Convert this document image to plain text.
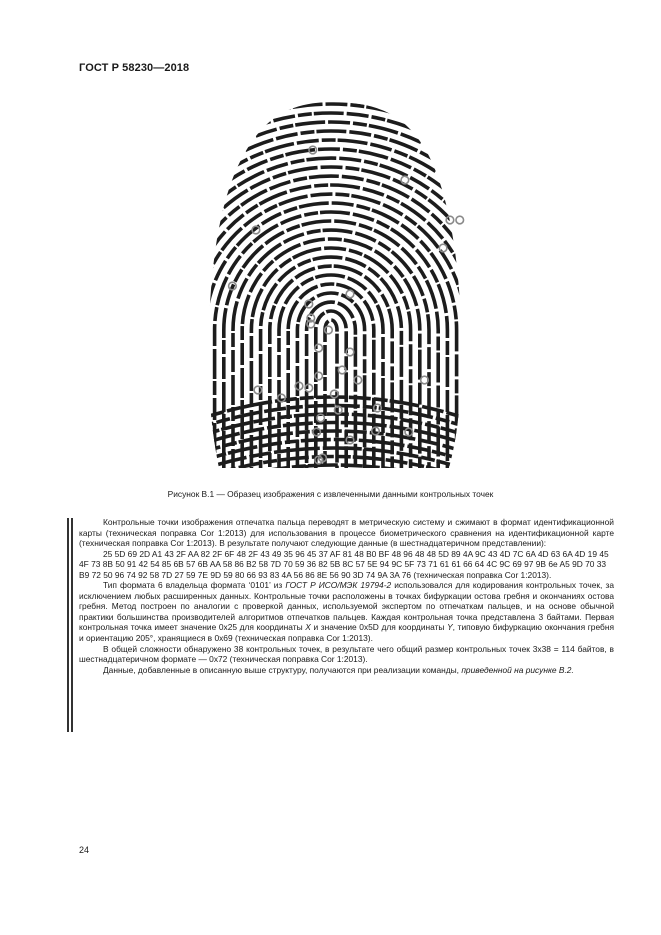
ГОСТ Р 58230—2018
Рисунок В.1 — Образец изображения с извлеченными данными контрольных точек

Контрольные точки изображения отпечатка пальца переводят в метрическую систему и сжимают в формат идентификационной карты (техническая поправка Cor 1:2013) для использования в процессе биометрического сравнения на идентификационной карте (техническая поправка Cor 1:2013). В результате получают следующие данные (в шестнадцатеричном представлении):

25 5D 69 2D A1 43 2F AA 82 2F 6F 48 2F 43 49 35 96 45 37 AF 81 48 B0 BF 48 96 48 48 5D 89 4A 9C 43 4D 7C 6A 4D 63 6A 4D 19 45 4F 73 8B 50 91 42 54 85 6B 57 6B AA 58 86 B2 58 7D 70 59 36 82 5B 8C 57 5E 94 9C 5F 73 71 61 61 66 64 4C 9C 69 97 9B 6e A5 9D 70 33 B9 72 50 96 74 92 58 7D 27 59 7E 9D 59 80 66 93 83 4A 56 86 8E 56 90 3D 74 9A 3A 76 (техническая поправка Cor 1:2013).

Тип формата 6 владельца формата ‘0101’ из ГОСТ Р ИСО/МЭК 19794-2 использовался для кодирования контрольных точек, за исключением любых расширенных данных. Контрольные точки расположены в точках бифуркации остова гребня и окончаниях остова гребня. Метод построен по аналогии с проверкой данных, используемой экспертом по отпечаткам пальцев, и на основе обычной практики большинства производителей алгоритмов отпечатков пальцев. Каждая контрольная точка представлена 3 байтами. Первая контрольная точка имеет значение 0x25 для координаты X и значение 0x5D для координаты Y, типовую бифуркацию окончания гребня и ориентацию 205°, хранящиеся в 0x69 (техническая поправка Cor 1:2013).

В общей сложности обнаружено 38 контрольных точек, в результате чего общий размер контрольных точек 3x38 = 114 байтов, в шестнадцатеричном формате — 0x72 (техническая поправка Cor 1:2013).

Данные, добавленные в описанную выше структуру, получаются при реализации команды, приведенной на рисунке В.2.

24
